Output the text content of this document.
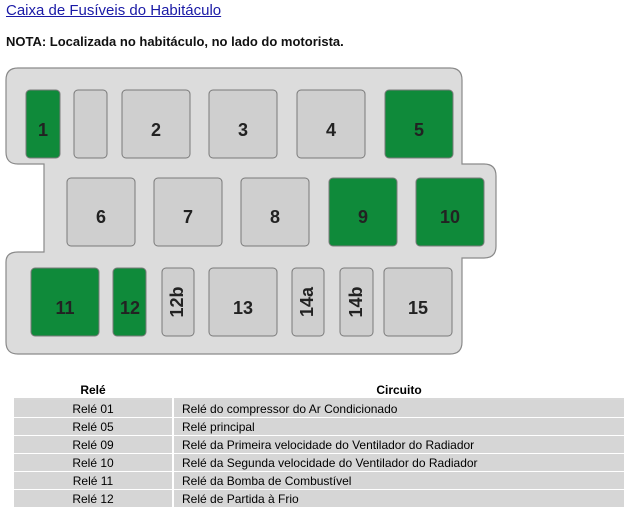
Caixa de Fusíveis do Habitáculo
NOTA: Localizada no habitáculo, no lado do motorista.
1	2	3	4	5
6	7	8	9	10
11	12 12b	13 14a 14b 15
Relé	Circuito
Relé 01	Relé do compressor do Ar Condicionado
Relé 05	Relé principal
Relé 09	Relé da Primeira velocidade do Ventilador do Radiador
Relé 10	Relé da Segunda velocidade do Ventilador do Radiador
Relé 11	Relé da Bomba de Combustível
Relé 12	Relé de Partida à Frio
